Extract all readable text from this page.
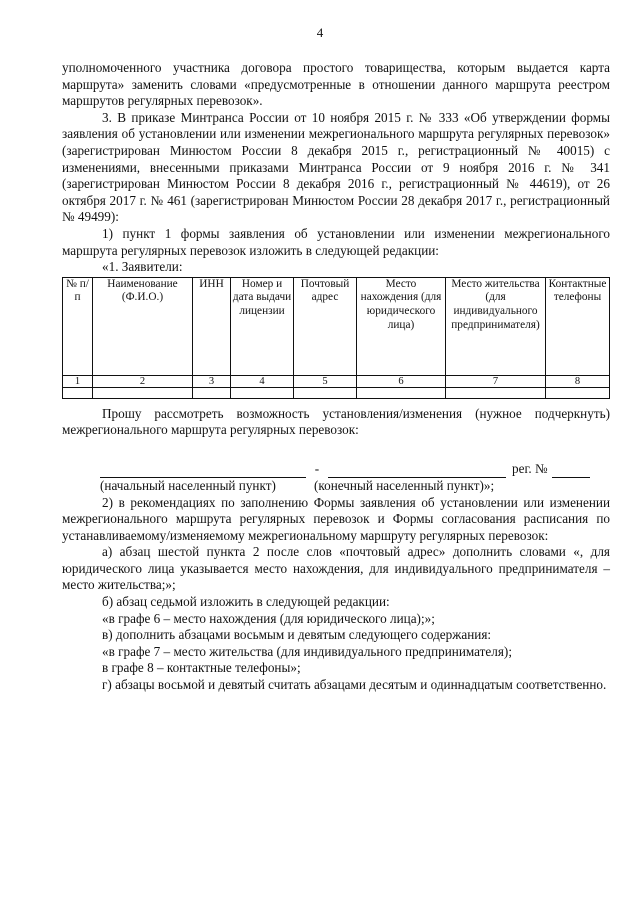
4

уполномоченного участника договора простого товарищества, которым выдается карта маршрута» заменить словами «предусмотренные в отношении данного маршрута реестром маршрутов регулярных перевозок».

3. В приказе Минтранса России от 10 ноября 2015 г. № 333 «Об утверждении формы заявления об установлении или изменении межрегионального маршрута регулярных перевозок» (зарегистрирован Минюстом России 8 декабря 2015 г., регистрационный № 40015) с изменениями, внесенными приказами Минтранса России от 9 ноября 2016 г. № 341 (зарегистрирован Минюстом России 8 декабря 2016 г., регистрационный № 44619), от 26 октября 2017 г. № 461 (зарегистрирован Минюстом России 28 декабря 2017 г., регистрационный № 49499):

1) пункт 1 формы заявления об установлении или изменении межрегионального маршрута регулярных перевозок изложить в следующей редакции:

«1. Заявители:

№ п/п	Наименование (Ф.И.О.)	ИНН	Номер и дата выдачи лицензии	Почтовый адрес	Место нахождения (для юридического лица)	Место жительства (для индивидуального предпринимателя)	Контактные телефоны
1	2	3	4	5	6	7	8

Прошу рассмотреть возможность установления/изменения (нужное подчеркнуть) межрегионального маршрута регулярных перевозок:

-	рег. №
(начальный населенный пункт)	(конечный населенный пункт)»;

2) в рекомендациях по заполнению Формы заявления об установлении или изменении межрегионального маршрута регулярных перевозок и Формы согласования расписания по устанавливаемому/изменяемому межрегиональному маршруту регулярных перевозок:

а) абзац шестой пункта 2 после слов «почтовый адрес» дополнить словами «, для юридического лица указывается место нахождения, для индивидуального предпринимателя – место жительства;»;

б) абзац седьмой изложить в следующей редакции:

«в графе 6 – место нахождения (для юридического лица);»;

в) дополнить абзацами восьмым и девятым следующего содержания:

«в графе 7 – место жительства (для индивидуального предпринимателя);

в графе 8 – контактные телефоны»;

г) абзацы восьмой и девятый считать абзацами десятым и одиннадцатым соответственно.
